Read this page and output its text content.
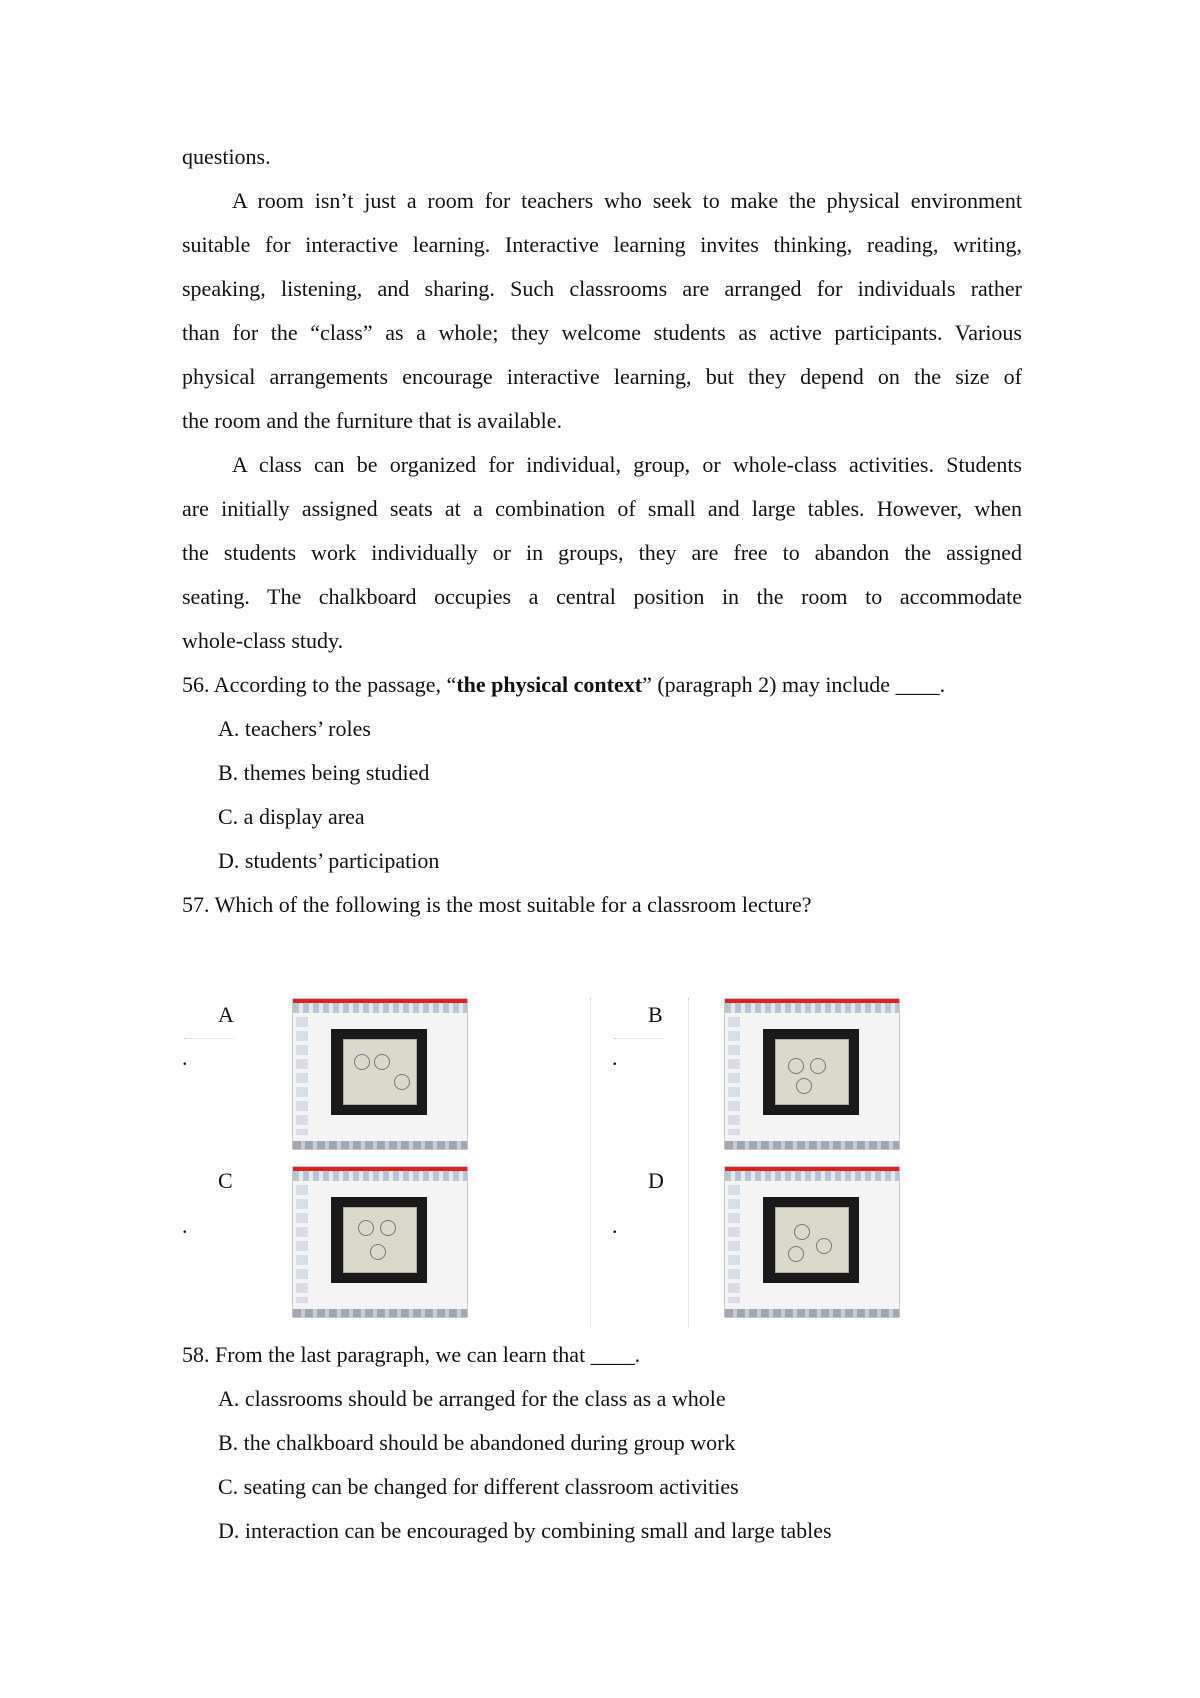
questions.
A room isn’t just a room for teachers who seek to make the physical environment
suitable for interactive learning. Interactive learning invites thinking, reading, writing,
speaking, listening, and sharing. Such classrooms are arranged for individuals rather
than for the “class” as a whole; they welcome students as active participants. Various
physical arrangements encourage interactive learning, but they depend on the size of
the room and the furniture that is available.
A class can be organized for individual, group, or whole-class activities. Students
are initially assigned seats at a combination of small and large tables. However, when
the students work individually or in groups, they are free to abandon the assigned
seating. The chalkboard occupies a central position in the room to accommodate
whole-class study.
56. According to the passage, “the physical context” (paragraph 2) may include ____.
A. teachers’ roles
B. themes being studied
C. a display area
D. students’ participation
57. Which of the following is the most suitable for a classroom lecture?
A
.
B
.
C
.
D
.
58. From the last paragraph, we can learn that ____.
A. classrooms should be arranged for the class as a whole
B. the chalkboard should be abandoned during group work
C. seating can be changed for different classroom activities
D. interaction can be encouraged by combining small and large tables
